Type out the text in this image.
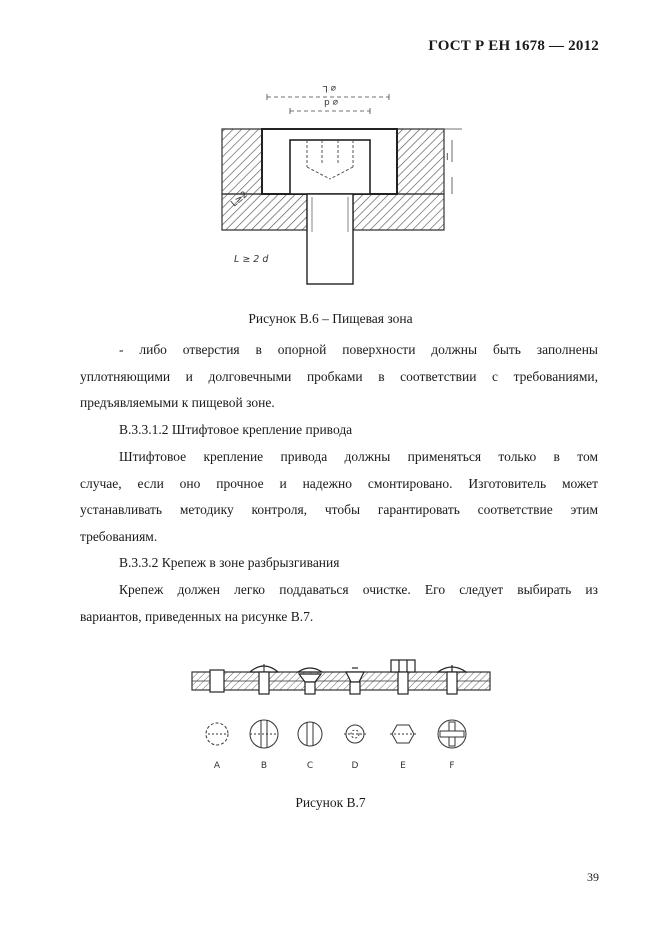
ГОСТ Р ЕН 1678 — 2012
⌀ L
⌀ d
l
L≥2
L ≥ 2 d
Рисунок В.6 – Пищевая зона
- либо отверстия в опорной поверхности должны быть заполнены
уплотняющими и долговечными пробками в соответствии с требованиями,
предъявляемыми к пищевой зоне.
В.3.3.1.2 Штифтовое крепление привода
Штифтовое крепление привода должны применяться только в том
случае, если оно прочное и надежно смонтировано. Изготовитель может
устанавливать методику контроля, чтобы гарантировать соответствие этим
требованиям.
В.3.3.2 Крепеж в зоне разбрызгивания
Крепеж должен легко поддаваться очистке. Его следует выбирать из
вариантов, приведенных на рисунке В.7.
A	B	C	D	E	F
Рисунок В.7
39
